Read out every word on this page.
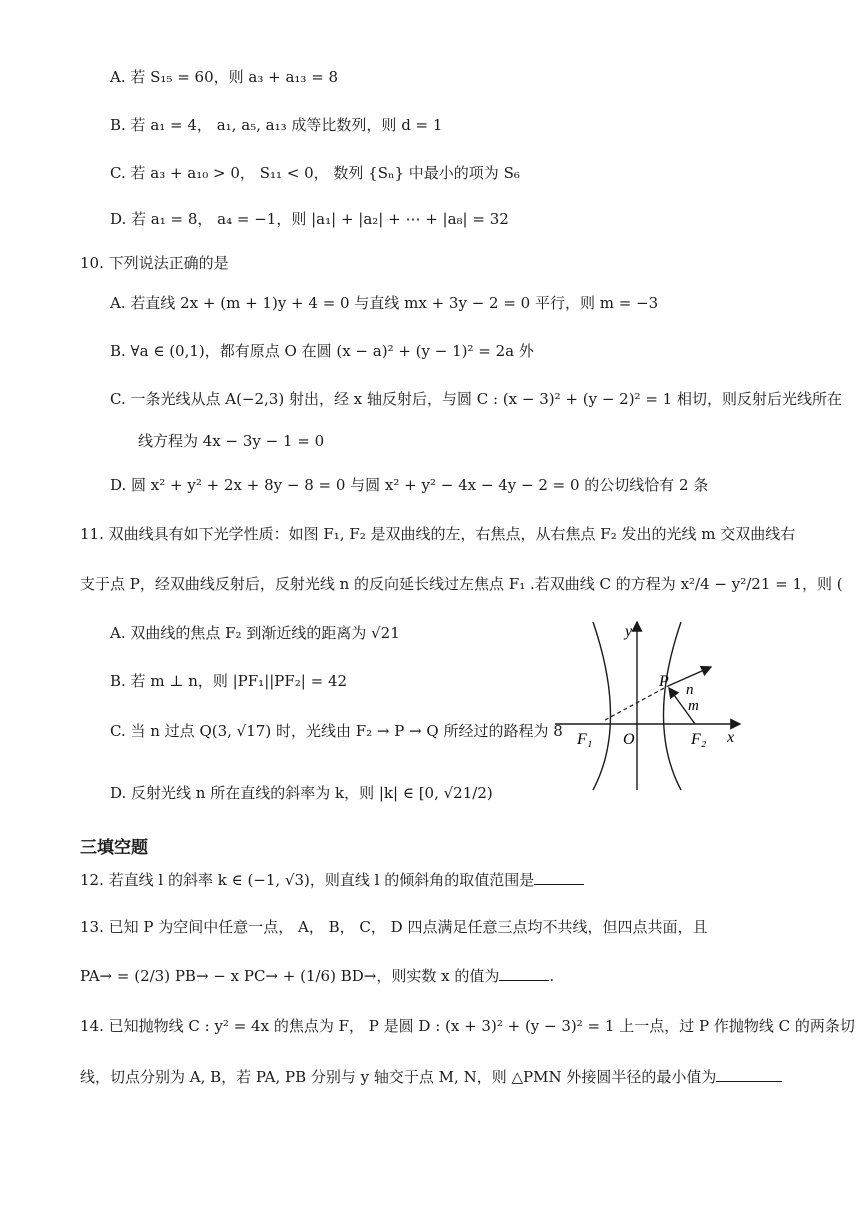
A. 若 S₁₅ = 60，则 a₃ + a₁₃ = 8
B. 若 a₁ = 4， a₁, a₅, a₁₃ 成等比数列，则 d = 1
C. 若 a₃ + a₁₀ > 0， S₁₁ < 0， 数列 {Sₙ} 中最小的项为 S₆
D. 若 a₁ = 8， a₄ = −1，则 |a₁| + |a₂| + ⋯ + |a₈| = 32
10. 下列说法正确的是
A. 若直线 2x + (m + 1)y + 4 = 0 与直线 mx + 3y − 2 = 0 平行，则 m = −3
B. ∀a ∈ (0,1)，都有原点 O 在圆 (x − a)² + (y − 1)² = 2a 外
C. 一条光线从点 A(−2,3) 射出，经 x 轴反射后，与圆 C : (x − 3)² + (y − 2)² = 1 相切，则反射后光线所在
线方程为 4x − 3y − 1 = 0
D. 圆 x² + y² + 2x + 8y − 8 = 0 与圆 x² + y² − 4x − 4y − 2 = 0 的公切线恰有 2 条
11. 双曲线具有如下光学性质：如图 F₁, F₂ 是双曲线的左，右焦点，从右焦点 F₂ 发出的光线 m 交双曲线右
支于点 P，经双曲线反射后，反射光线 n 的反向延长线过左焦点 F₁ .若双曲线 C 的方程为 x²/4 − y²/21 = 1，则 (
A. 双曲线的焦点 F₂ 到渐近线的距离为 √21
B. 若 m ⊥ n，则 |PF₁||PF₂| = 42
C. 当 n 过点 Q(3, √17) 时，光线由 F₂ → P → Q 所经过的路程为 8
D. 反射光线 n 所在直线的斜率为 k，则 |k| ∈ [0, √21/2)
y
x
P n
m
F₁ O	F₂
三填空题
12. 若直线 l 的斜率 k ∈ (−1, √3)，则直线 l 的倾斜角的取值范围是
13. 已知 P 为空间中任意一点， A， B， C， D 四点满足任意三点均不共线，但四点共面，且
PA→ = (2/3) PB→ − x PC→ + (1/6) BD→，则实数 x 的值为	.
14. 已知抛物线 C : y² = 4x 的焦点为 F， P 是圆 D : (x + 3)² + (y − 3)² = 1 上一点，过 P 作抛物线 C 的两条切
线，切点分别为 A, B，若 PA, PB 分别与 y 轴交于点 M, N，则 △PMN 外接圆半径的最小值为
